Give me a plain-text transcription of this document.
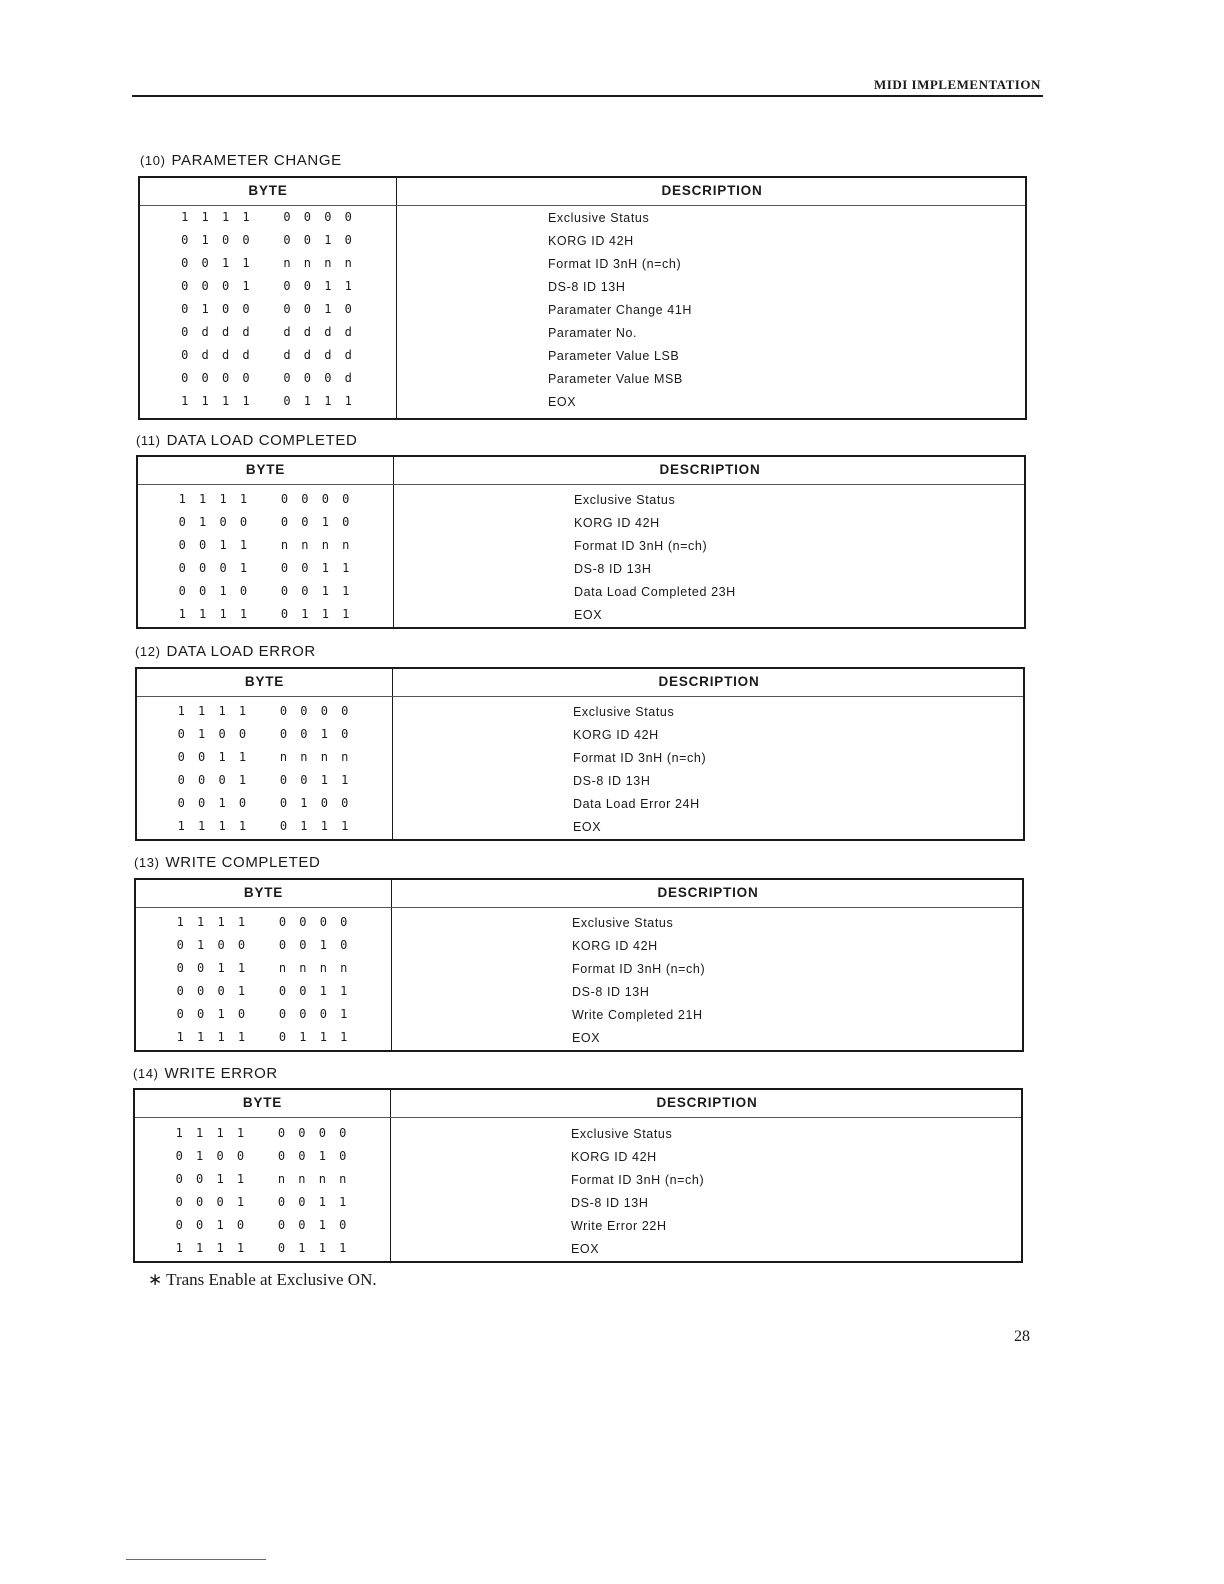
MIDI IMPLEMENTATION
(10) PARAMETER CHANGE
BYTE	DESCRIPTION
1 1 1 1   0 0 0 0	Exclusive Status
0 1 0 0   0 0 1 0	KORG ID 42H
0 0 1 1   n n n n	Format ID 3nH (n=ch)
0 0 0 1   0 0 1 1	DS-8 ID 13H
0 1 0 0   0 0 1 0	Paramater Change 41H
0 d d d   d d d d	Paramater No.
0 d d d   d d d d	Parameter Value LSB
0 0 0 0   0 0 0 d	Parameter Value MSB
1 1 1 1   0 1 1 1	EOX
(11) DATA LOAD COMPLETED
BYTE	DESCRIPTION
1 1 1 1   0 0 0 0	Exclusive Status
0 1 0 0   0 0 1 0	KORG ID 42H
0 0 1 1   n n n n	Format ID 3nH (n=ch)
0 0 0 1   0 0 1 1	DS-8 ID 13H
0 0 1 0   0 0 1 1	Data Load Completed 23H
1 1 1 1   0 1 1 1	EOX
(12) DATA LOAD ERROR
BYTE	DESCRIPTION
1 1 1 1   0 0 0 0	Exclusive Status
0 1 0 0   0 0 1 0	KORG ID 42H
0 0 1 1   n n n n	Format ID 3nH (n=ch)
0 0 0 1   0 0 1 1	DS-8 ID 13H
0 0 1 0   0 1 0 0	Data Load Error 24H
1 1 1 1   0 1 1 1	EOX
(13) WRITE COMPLETED
BYTE	DESCRIPTION
1 1 1 1   0 0 0 0	Exclusive Status
0 1 0 0   0 0 1 0	KORG ID 42H
0 0 1 1   n n n n	Format ID 3nH (n=ch)
0 0 0 1   0 0 1 1	DS-8 ID 13H
0 0 1 0   0 0 0 1	Write Completed 21H
1 1 1 1   0 1 1 1	EOX
(14) WRITE ERROR
BYTE	DESCRIPTION
1 1 1 1   0 0 0 0	Exclusive Status
0 1 0 0   0 0 1 0	KORG ID 42H
0 0 1 1   n n n n	Format ID 3nH (n=ch)
0 0 0 1   0 0 1 1	DS-8 ID 13H
0 0 1 0   0 0 1 0	Write Error 22H
1 1 1 1   0 1 1 1	EOX
∗ Trans Enable at Exclusive ON.
28
